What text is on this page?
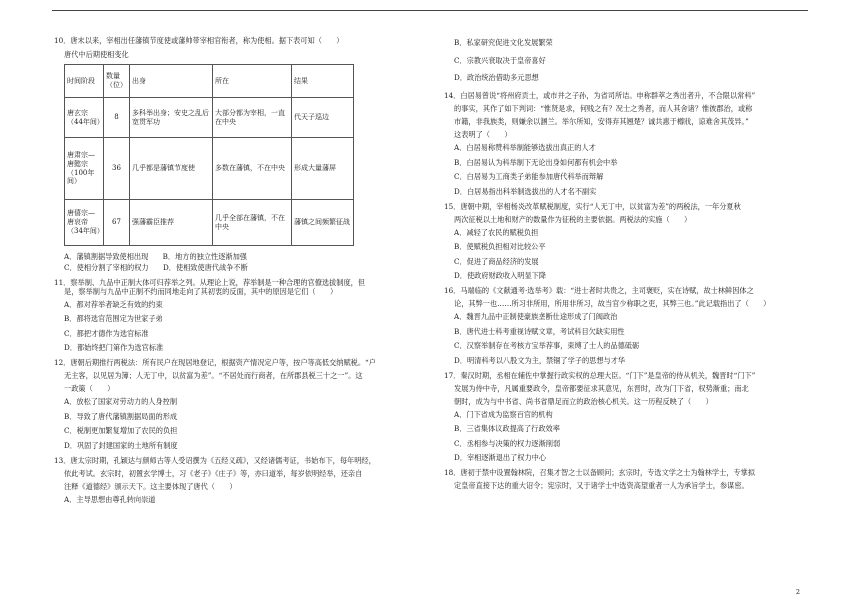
10．唐末以来，宰相出任藩镇节度使或藩帅带宰相官衔者，称为使相。据下表可知（　　）

唐代中后期使相变化

时间阶段	数量（位）	出身	所在	结果
唐玄宗（44年间）	8	多科举出身；安史之乱后宽贯军功	大部分都为宰相，一直在中央	代天子巡边
唐肃宗—唐懿宗（100年间）	36	几乎都是藩镇节度使	多数在藩镇，不在中央	形成大量藩屏
唐僖宗—唐哀帝（34年间）	67	强藩霸臣推荐	几乎全部在藩镇，不在中央	藩镇之间频繁征战

A．藩镇割据导致使相出现　　B．地方的独立性逐渐加强

C．使相分割了宰相的权力　　D．使相致使唐代战争不断

11．察举制、九品中正制大体可归荐举之列。从理论上说，荐举制是一种合理的官僚选拔制度，但

是，察举制与九品中正制不约而同地走向了其初衷的反面，其中的原因是它们（　　）

A．都对荐举者缺乏有效的约束

B．都将选官范围定为世家子弟

C．都把才德作为选官标准

D．都始终把门第作为选官标准

12．唐朝后期推行两税法：所有民户在现居地登记，根据资产情况定户等，按户等高低交纳赋税。“户

无主客，以见居为簿；人无丁中，以贫富为差”。“不居处而行商者，在所郡县税三十之一”。这

一政策（　　）

A．放松了国家对劳动力的人身控制

B．导致了唐代藩镇割据局面的形成

C．税制更加繁复增加了农民的负担

D．巩固了封建国家的土地所有制度

13．唐太宗时期，孔颖达与颜师古等人受诏撰为《五经义疏》，又经诸儒考证，书始布下，每年明经，

依此考试。玄宗时，初置玄学博士，习《老子》《庄子》等，亦曰道举，每岁依明经举，还亲自

注释《道德经》颁示天下。这主要体现了唐代（　　）

A．主导思想由尊孔转向崇道

B．私家研究促进文化发展繁荣

C．宗教兴衰取决于皇帝喜好

D．政治统治借助多元思想

14．白居易曾说“将州府贡士，或市井之子孙，为省司所诘。申称群萃之秀出者升，不合限以常科”

的事实，其作了如下判词：“惟贤是求，何贱之有？况士之秀者，而人其舍诸？惟彼郡治，或称

市籍，非我族类，则嫌余以溷兰。举尔所知，安得弃其翘楚？诚共惠于樽戕，谅难舍其茂异。”

这表明了（　　）

A．白居易称赞科举制能够选拔出真正的人才

B．白居易认为科举制下无论出身如何都有机会中举

C．白居易为工商类子弟能参加唐代科举而辩解

D．白居易指出科举制选拔出的人才名不副实

15．唐朝中期，宰相杨炎改革赋税制度，实行“人无丁中，以贫富为差”的两税法，一年分夏秋

两次征税以土地和财产的数量作为征税的主要依据。两税法的实施（　　）

A．减轻了农民的赋税负担

B．使赋税负担相对比较公平

C．促进了商品经济的发展

D．使政府财政收入明显下降

16．马端临的《文献通考·选举考》载：“进士者时共贵之，主司褒贬，实在诗赋，故士林鲜因体之

论，其弊一也……所习非所用，所用非所习，故当官少称职之吏，其弊三也。”此记载指出了（　　）

A．魏晋九品中正制使豪族垄断仕途形成了门阀政治

B．唐代进士科考重视诗赋文章，考试科目欠缺实用性

C．汉察举制存在考核方宝举荐事，束缚了士人的品德砥砺

D．明清科考以八股文为主，禁锢了学子的思想与才华

17．秦汉时期，丞相在辅佐中掌握行政实权的总理大臣。“门下”是皇帝的侍从机关，魏晋时“门下”

发展为侍中寺，凡属重要政令，皇帝都要征求其意见，东晋时，改为门下省，权势渐重；南北

朝时，成为与中书省、尚书省鼎足而立的政治核心机关。这一历程反映了（　　）

A．门下省成为监察百官的机构

B．三省集体议政提高了行政效率

C．丞相参与决策的权力逐渐削弱

D．宰相逐渐退出了权力中心

18．唐初于禁中设置翰林院，召集才智之士以备顾问；玄宗时，专选文学之士为翰林学士，专掌拟

定皇帝直接下达的重大诏令；宪宗时，又于诸学士中选资高望重者一人为承旨学士，参谋密。

2
